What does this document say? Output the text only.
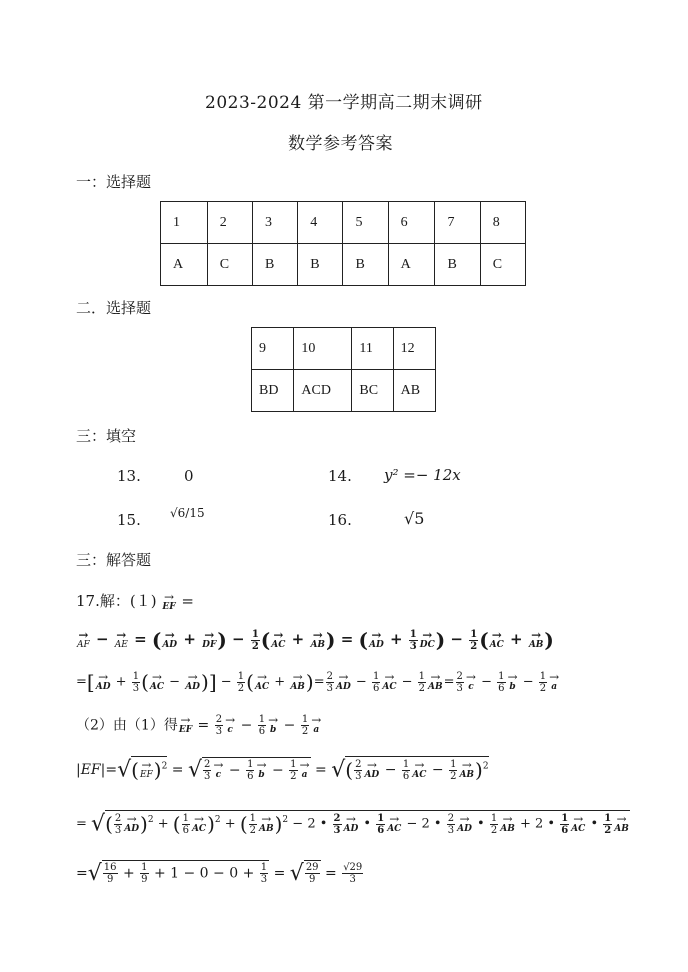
2023-2024 第一学期高二期末调研
数学参考答案
一：选择题
1	2	3	4	5	6	7	8
A	C	B	B	B	A	B	C
二．选择题
9	10	11	12
BD	ACD	BC	AB
三：填空
13.	0	14. y² =− 12x
15. √6/15	16.	√5
三：解答题
17.解：(１) →
EF =
→
AF − →
AE = ( →
AD + →
DF ) − $\frac{1}{2}$ ( →
AC + →
AB ) = ( →
AD + $\frac{1}{3}$ →
DC ) − $\frac{1}{2}$ ( →
AC + →
AB )
=[ →
AD + $\frac{1}{3}$ ( →
AC − →
AD )] − $\frac{1}{2}$ ( →
AC + →
AB )= $\frac{2}{3}$ →
AD − $\frac{1}{6}$ →
AC − $\frac{1}{2}$ →
AB = $\frac{2}{3}$ →
$c - \frac{1}{6}$ →
$b - \frac{1}{2}$ →
a
（2）由（1）得 →
EF = $\frac{2}{3}$ →
$c - \frac{1}{6}$ →
$b - \frac{1}{2}$ →
a
|EF|=√( →
EF )$^2$ = √ $\frac{2}{3}$ →
$c - \frac{1}{6}$ →
$b - \frac{1}{2}$ →
a = √( $\frac{2}{3}$ →
AD − $\frac{1}{6}$ →
AC − $\frac{1}{2}$ →
AB )$^2$
= √( $\frac{2}{3}$ →
AD )$^2$ + ( $\frac{1}{6}$ →
AC )$^2$ + ( $\frac{1}{2}$ →
AB )$^2$ − 2 • $\frac{2}{3}$ →
AD • $\frac{1}{6}$ →
AC − 2 • $\frac{2}{3}$ →
AD • $\frac{1}{2}$ →
AB + 2 • $\frac{1}{6}$ →
AC • $\frac{1}{2}$ →
AB
=√ $\frac{16}{9} + \frac{1}{9} + 1 - 0 - 0 + \frac{1}{3}$ = √ $\frac{29}{9} = \frac{√29}{3}$
